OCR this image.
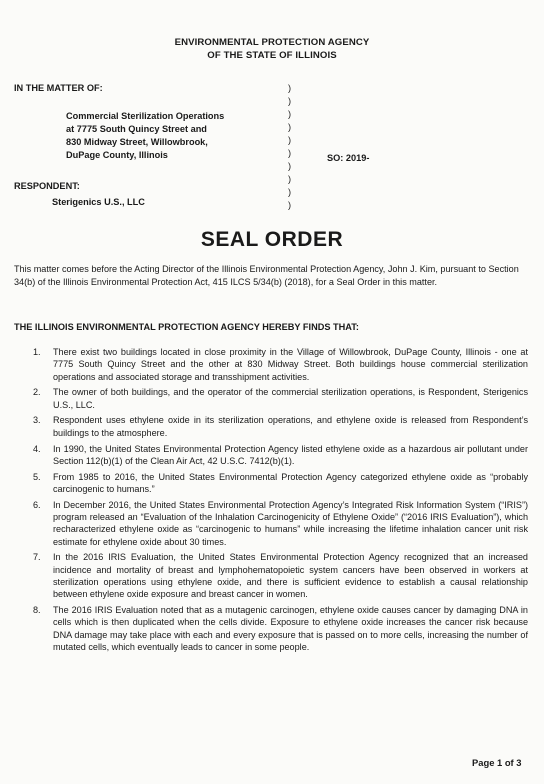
ENVIRONMENTAL PROTECTION AGENCY
OF THE STATE OF ILLINOIS
IN THE MATTER OF:
Commercial Sterilization Operations
at 7775 South Quincy Street and
830 Midway Street, Willowbrook,
DuPage County, Illinois
RESPONDENT:
Sterigenics U.S., LLC
)
)
)
)
)
)
)
)
)
)
SO: 2019-
SEAL ORDER
This matter comes before the Acting Director of the Illinois Environmental Protection Agency, John J. Kim, pursuant to Section 34(b) of the Illinois Environmental Protection Act, 415 ILCS 5/34(b) (2018), for a Seal Order in this matter.
THE ILLINOIS ENVIRONMENTAL PROTECTION AGENCY HEREBY FINDS THAT:
1. There exist two buildings located in close proximity in the Village of Willowbrook, DuPage County, Illinois - one at 7775 South Quincy Street and the other at 830 Midway Street. Both buildings house commercial sterilization operations and associated storage and transshipment activities.
2. The owner of both buildings, and the operator of the commercial sterilization operations, is Respondent, Sterigenics U.S., LLC.
3. Respondent uses ethylene oxide in its sterilization operations, and ethylene oxide is released from Respondent’s buildings to the atmosphere.
4. In 1990, the United States Environmental Protection Agency listed ethylene oxide as a hazardous air pollutant under Section 112(b)(1) of the Clean Air Act, 42 U.S.C. 7412(b)(1).
5. From 1985 to 2016, the United States Environmental Protection Agency categorized ethylene oxide as “probably carcinogenic to humans.”
6. In December 2016, the United States Environmental Protection Agency’s Integrated Risk Information System (“IRIS”) program released an “Evaluation of the Inhalation Carcinogenicity of Ethylene Oxide” (“2016 IRIS Evaluation”), which recharacterized ethylene oxide as “carcinogenic to humans” while increasing the lifetime inhalation cancer unit risk estimate for ethylene oxide about 30 times.
7. In the 2016 IRIS Evaluation, the United States Environmental Protection Agency recognized that an increased incidence and mortality of breast and lymphohematopoietic system cancers have been observed in workers at sterilization operations using ethylene oxide, and there is sufficient evidence to establish a causal relationship between ethylene oxide exposure and breast cancer in women.
8. The 2016 IRIS Evaluation noted that as a mutagenic carcinogen, ethylene oxide causes cancer by damaging DNA in cells which is then duplicated when the cells divide. Exposure to ethylene oxide increases the cancer risk because DNA damage may take place with each and every exposure that is passed on to more cells, increasing the number of mutated cells, which eventually leads to cancer in some people.
Page 1 of 3
